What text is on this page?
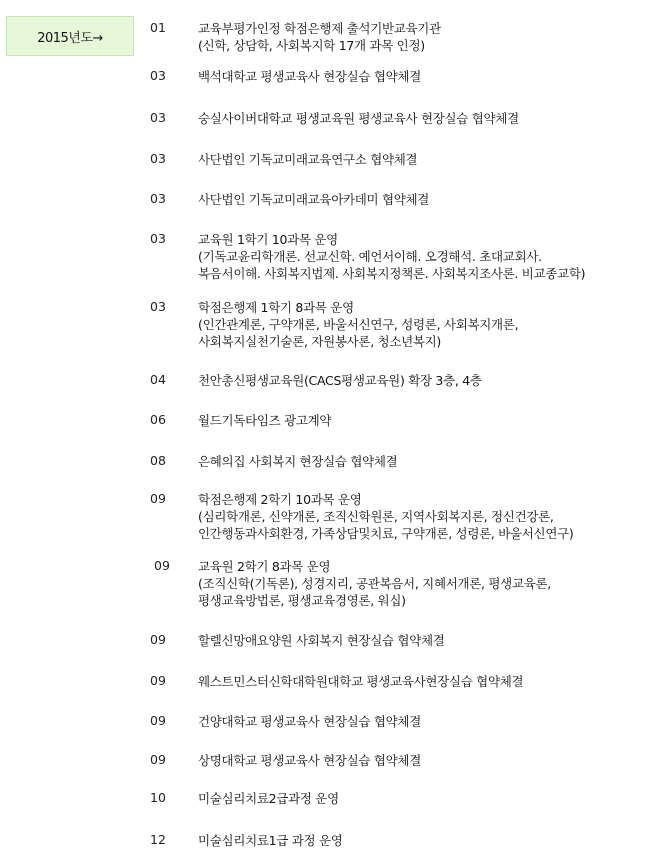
2015년도→
01	교육부평가인정 학점은행제 출석기반교육기관
(신학, 상담학, 사회복지학 17개 과목 인정)
03	백석대학교 평생교육사 현장실습 협약체결
03	숭실사이버대학교 평생교육원 평생교육사 현장실습 협약체결
03	사단법인 기독교미래교육연구소 협약체결
03	사단법인 기독교미래교육아카데미 협약체결
03	교육원 1학기 10과목 운영
(기독교윤리학개론. 선교신학. 예언서이해. 오경해석. 초대교회사.
복음서이해. 사회복지법제. 사회복지정책론. 사회복지조사론. 비교종교학)
03	학점은행제 1학기 8과목 운영
(인간관계론, 구약개론, 바울서신연구, 성령론, 사회복지개론,
사회복지실천기술론, 자원봉사론, 청소년복지)
04	천안총신평생교육원(CACS평생교육원) 확장 3층, 4층
06	월드기독타임즈 광고계약
08	은혜의집 사회복지 현장실습 협약체결
09	학점은행제 2학기 10과목 운영
(심리학개론, 신약개론, 조직신학원론, 지역사회복지론, 정신건강론,
인간행동과사회환경, 가족상담및치료, 구약개론, 성령론, 바울서신연구)
09 교육원 2학기 8과목 운영
(조직신학(기독론), 성경지리, 공관복음서, 지혜서개론, 평생교육론,
평생교육방법론, 평생교육경영론, 워십)
09	할렐신망애요양원 사회복지 현장실습 협약체결
09	웨스트민스터신학대학원대학교 평생교육사현장실습 협약체결
09	건양대학교 평생교육사 현장실습 협약체결
09	상명대학교 평생교육사 현장실습 협약체결
10	미술심리치료2급과정 운영
12	미술심리치료1급 과정 운영
